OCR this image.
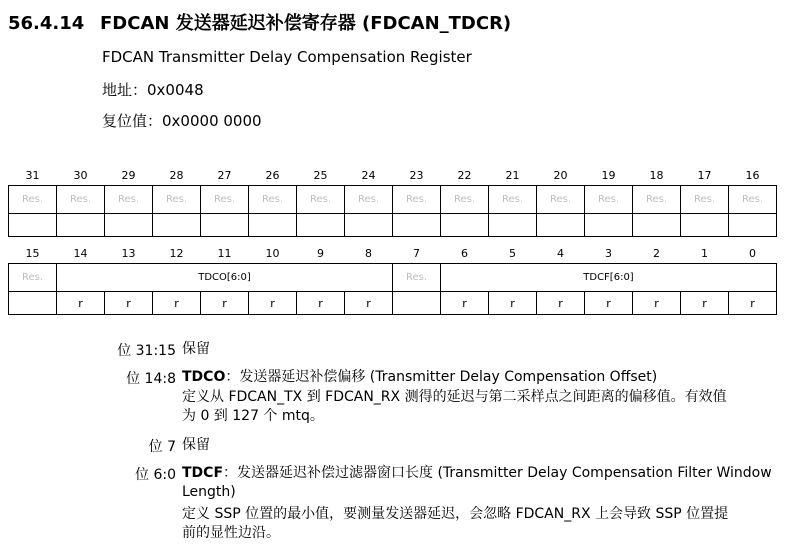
56.4.14 FDCAN 发送器延迟补偿寄存器 (FDCAN_TDCR)
FDCAN Transmitter Delay Compensation Register
地址：0x0048
复位值：0x0000 0000
31	30	29	28	27	26	25	24	23	22	21	20	19	18	17	16
Res.	Res.	Res.	Res.	Res.	Res.	Res.	Res.	Res.	Res.	Res.	Res.	Res.	Res.	Res.	Res.

15	14	13	12	11	10	9	8	7	6	5	4	3	2	1	0
Res.	TDCO[6:0]							Res.	TDCF[6:0]						
	r	r	r	r	r	r	r		r	r	r	r	r	r	r
位 31:15 保留
位 14:8 TDCO：发送器延迟补偿偏移 (Transmitter Delay Compensation Offset)
定义从 FDCAN_TX 到 FDCAN_RX 测得的延迟与第二采样点之间距离的偏移值。有效值
为 0 到 127 个 mtq。
位 7 保留
位 6:0 TDCF：发送器延迟补偿过滤器窗口长度 (Transmitter Delay Compensation Filter Window
Length)
定义 SSP 位置的最小值，要测量发送器延迟，会忽略 FDCAN_RX 上会导致 SSP 位置提
前的显性边沿。
